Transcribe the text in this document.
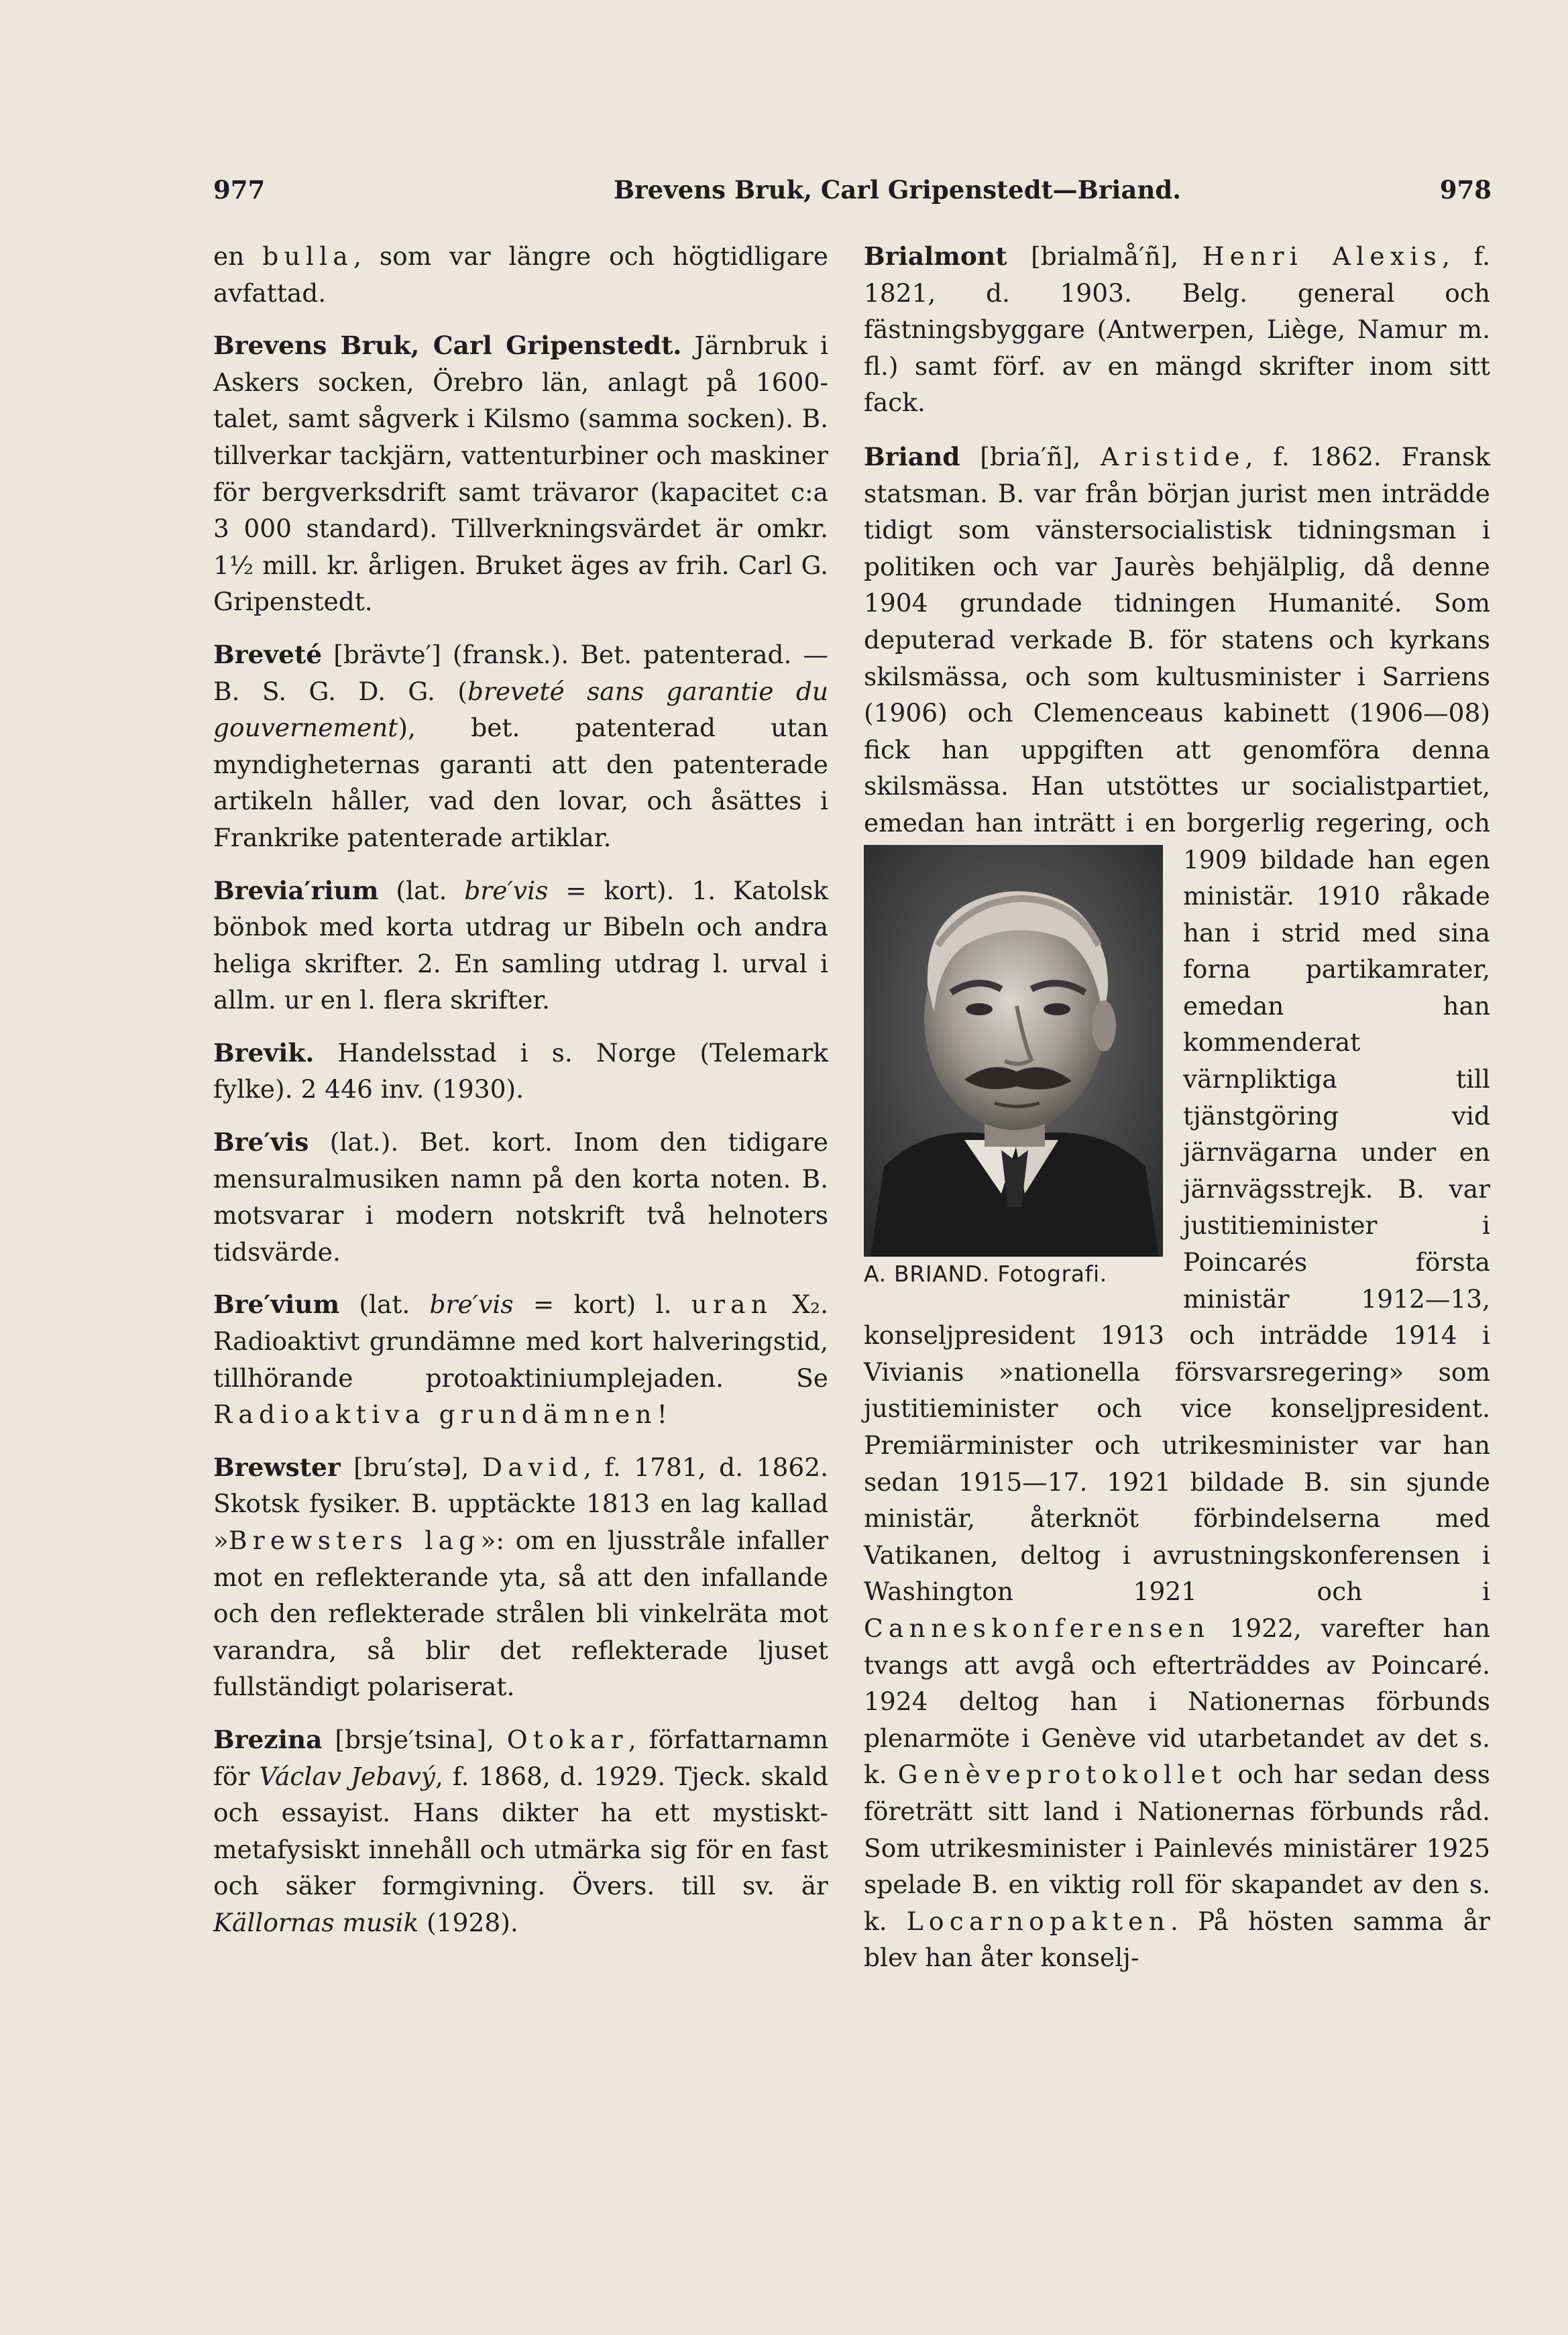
977	Brevens Bruk, Carl Gripenstedt—Briand.	978

en bulla, som var längre och högtidligare avfattad.

Brevens Bruk, Carl Gripenstedt. Järnbruk i Askers socken, Örebro län, anlagt på 1600-talet, samt sågverk i Kilsmo (samma socken). B. tillverkar tackjärn, vattenturbiner och maskiner för bergverksdrift samt trävaror (kapacitet c:a 3 000 standard). Tillverkningsvärdet är omkr. 1½ mill. kr. årligen. Bruket äges av frih. Carl G. Gripenstedt.

Breveté [brävte′] (fransk.). Bet. patenterad. — B. S. G. D. G. (breveté sans garantie du gouvernement), bet. patenterad utan myndigheternas garanti att den patenterade artikeln håller, vad den lovar, och åsättes i Frankrike patenterade artiklar.

Brevia′rium (lat. bre′vis = kort). 1. Katolsk bönbok med korta utdrag ur Bibeln och andra heliga skrifter. 2. En samling utdrag l. urval i allm. ur en l. flera skrifter.

Brevik. Handelsstad i s. Norge (Telemark fylke). 2 446 inv. (1930).

Bre′vis (lat.). Bet. kort. Inom den tidigare mensuralmusiken namn på den korta noten. B. motsvarar i modern notskrift två helnoters tidsvärde.

Bre′vium (lat. bre′vis = kort) l. uran X₂. Radioaktivt grundämne med kort halveringstid, tillhörande protoaktiniumplejaden. Se Radioaktiva grundämnen!

Brewster [bru′stə], David, f. 1781, d. 1862. Skotsk fysiker. B. upptäckte 1813 en lag kallad »Brewsters lag»: om en ljusstråle infaller mot en reflekterande yta, så att den infallande och den reflekterade strålen bli vinkelräta mot varandra, så blir det reflekterade ljuset fullständigt polariserat.

Brezina [brsje′tsina], Otokar, författarnamn för Václav Jebavý, f. 1868, d. 1929. Tjeck. skald och essayist. Hans dikter ha ett mystiskt-metafysiskt innehåll och utmärka sig för en fast och säker formgivning. Övers. till sv. är Källornas musik (1928).

Brialmont [brialmå′ñ], Henri Alexis, f. 1821, d. 1903. Belg. general och fästningsbyggare (Antwerpen, Liège, Namur m. fl.) samt förf. av en mängd skrifter inom sitt fack.

Briand [bria′ñ], Aristide, f. 1862. Fransk statsman. B. var från början jurist men inträdde tidigt som vänstersocialistisk tidningsman i politiken och var Jaurès behjälplig, då denne 1904 grundade tidningen Humanité. Som deputerad verkade B. för statens och kyrkans skilsmässa, och som kultusminister i Sarriens (1906) och Clemenceaus kabinett (1906—08) fick han uppgiften att genomföra denna skilsmässa. Han utstöttes ur socialistpartiet, emedan han inträtt i en borgerlig regering, och 1909 bildade han egen ministär. 1910 råkade han i strid med sina forna partikamrater, emedan han kommenderat värnpliktiga till tjänstgöring vid järnvägarna under en järnvägsstrejk. B. var justitieminister i Poincarés första ministär 1912—13, konseljpresident 1913 och inträdde 1914 i Vivianis »nationella försvarsregering» som justitieminister och vice konseljpresident. Premiärminister och utrikesminister var han sedan 1915—17. 1921 bildade B. sin sjunde ministär, återknöt förbindelserna med Vatikanen, deltog i avrustningskonferensen i Washington 1921 och i Canneskonferensen 1922, varefter han tvangs att avgå och efterträddes av Poincaré. 1924 deltog han i Nationernas förbunds plenarmöte i Genève vid utarbetandet av det s. k. Genèveprotokollet och har sedan dess företrätt sitt land i Nationernas förbunds råd. Som utrikesminister i Painlevés ministärer 1925 spelade B. en viktig roll för skapandet av den s. k. Locarnopakten. På hösten samma år blev han åter konselj-

A. BRIAND. Fotografi.
